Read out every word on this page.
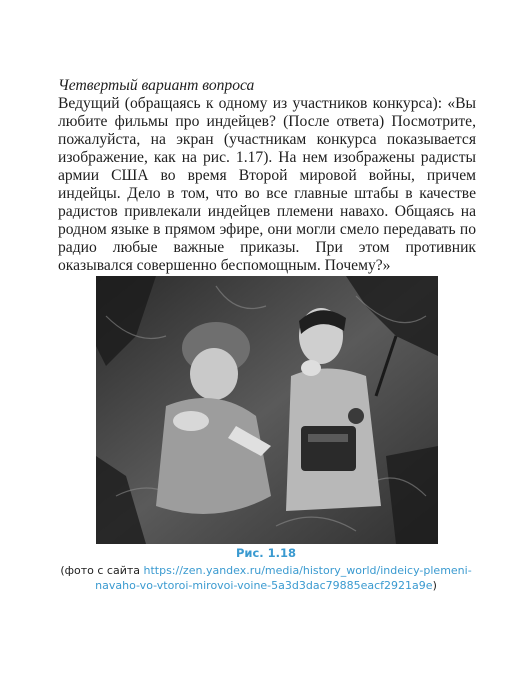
Четвертый вариант вопроса

Ведущий (обращаясь к одному из участников конкурса): «Вы любите фильмы про индейцев? (После ответа) Посмотрите, пожалуйста, на экран (участникам конкурса показывается изображение, как на рис. 1.17). На нем изображены радисты армии США во время Второй мировой войны, причем индейцы. Дело в том, что во все главные штабы в качестве радистов привлекали индейцев племени навахо. Общаясь на родном языке в прямом эфире, они могли смело передавать по радио любые важные приказы. При этом противник оказывался совершенно беспомощным. Почему?»

Рис. 1.18
(фото с сайта https://zen.yandex.ru/media/history_world/indeicy-plemeni-navaho-vo-vtoroi-mirovoi-voine-5a3d3dac79885eacf2921a9e)
